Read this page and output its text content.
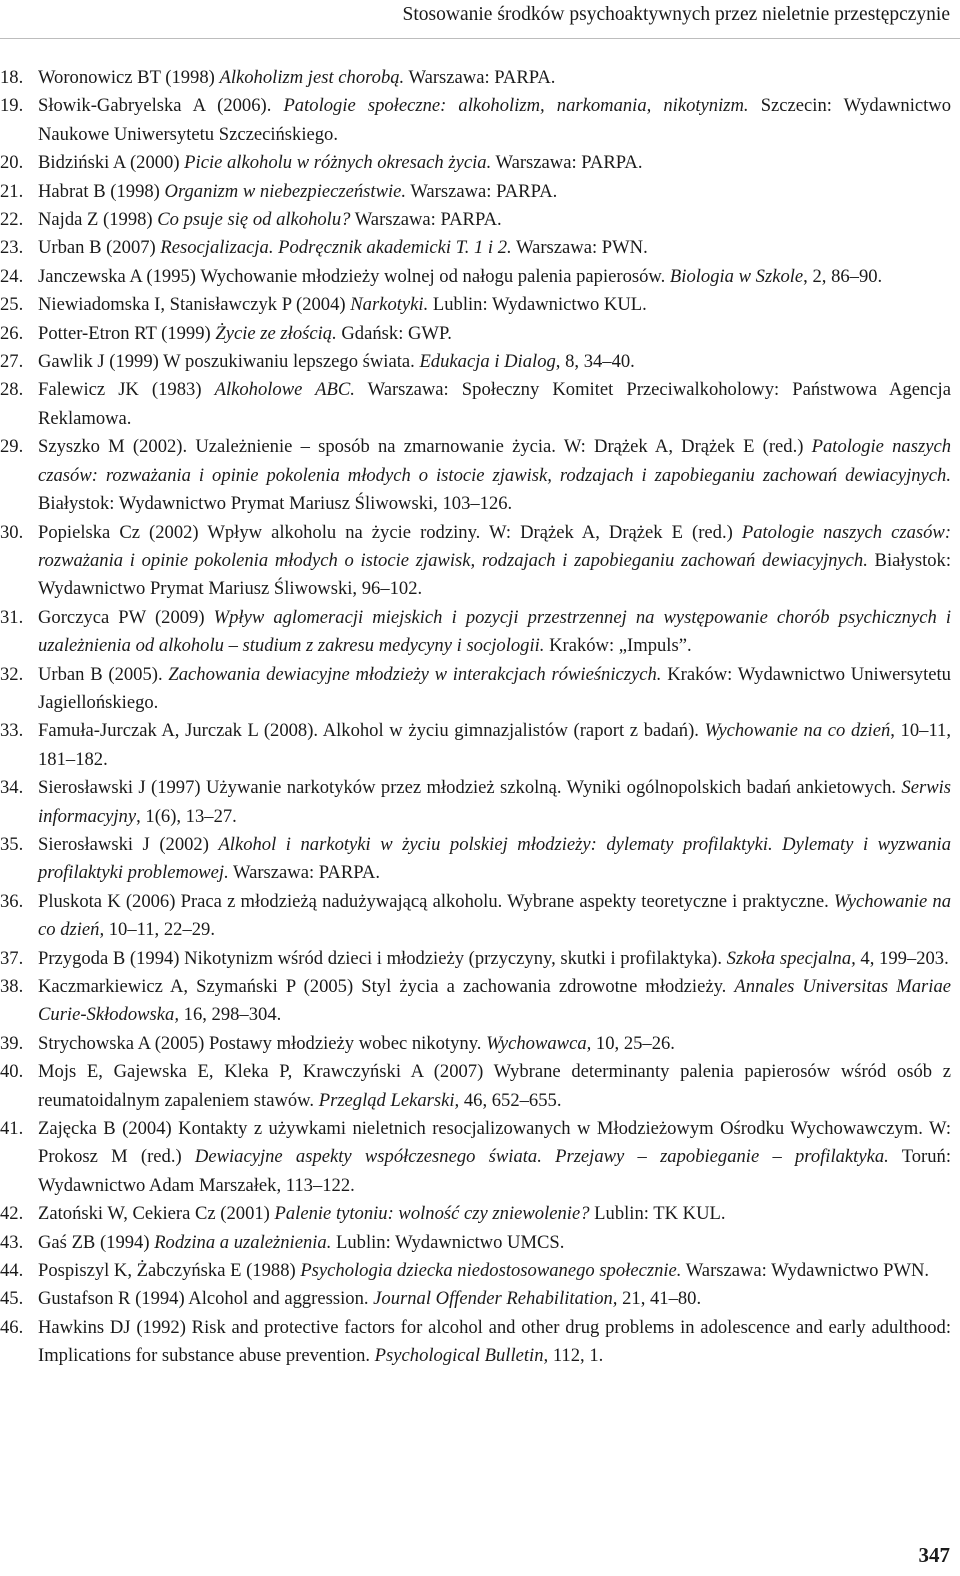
Stosowanie środków psychoaktywnych przez nieletnie przestępczynie
18. Woronowicz BT (1998) Alkoholizm jest chorobą. Warszawa: PARPA.
19. Słowik-Gabryelska A (2006). Patologie społeczne: alkoholizm, narkomania, nikotynizm. Szczecin: Wydawnictwo Naukowe Uniwersytetu Szczecińskiego.
20. Bidziński A (2000) Picie alkoholu w różnych okresach życia. Warszawa: PARPA.
21. Habrat B (1998) Organizm w niebezpieczeństwie. Warszawa: PARPA.
22. Najda Z (1998) Co psuje się od alkoholu? Warszawa: PARPA.
23. Urban B (2007) Resocjalizacja. Podręcznik akademicki T. 1 i 2. Warszawa: PWN.
24. Janczewska A (1995) Wychowanie młodzieży wolnej od nałogu palenia papierosów. Biologia w Szkole, 2, 86–90.
25. Niewiadomska I, Stanisławczyk P (2004) Narkotyki. Lublin: Wydawnictwo KUL.
26. Potter-Etron RT (1999) Życie ze złością. Gdańsk: GWP.
27. Gawlik J (1999) W poszukiwaniu lepszego świata. Edukacja i Dialog, 8, 34–40.
28. Falewicz JK (1983) Alkoholowe ABC. Warszawa: Społeczny Komitet Przeciwalkoholowy: Państwowa Agencja Reklamowa.
29. Szyszko M (2002). Uzależnienie – sposób na zmarnowanie życia. W: Drążek A, Drążek E (red.) Patologie naszych czasów: rozważania i opinie pokolenia młodych o istocie zjawisk, rodzajach i zapobieganiu zachowań dewiacyjnych. Białystok: Wydawnictwo Prymat Mariusz Śliwowski, 103–126.
30. Popielska Cz (2002) Wpływ alkoholu na życie rodziny. W: Drążek A, Drążek E (red.) Patologie naszych czasów: rozważania i opinie pokolenia młodych o istocie zjawisk, rodzajach i zapobieganiu zachowań dewiacyjnych. Białystok: Wydawnictwo Prymat Mariusz Śliwowski, 96–102.
31. Gorczyca PW (2009) Wpływ aglomeracji miejskich i pozycji przestrzennej na występowanie chorób psychicznych i uzależnienia od alkoholu – studium z zakresu medycyny i socjologii. Kraków: „Impuls”.
32. Urban B (2005). Zachowania dewiacyjne młodzieży w interakcjach rówieśniczych. Kraków: Wydawnictwo Uniwersytetu Jagiellońskiego.
33. Famuła-Jurczak A, Jurczak L (2008). Alkohol w życiu gimnazjalistów (raport z badań). Wychowanie na co dzień, 10–11, 181–182.
34. Sierosławski J (1997) Używanie narkotyków przez młodzież szkolną. Wyniki ogólnopolskich badań ankietowych. Serwis informacyjny, 1(6), 13–27.
35. Sierosławski J (2002) Alkohol i narkotyki w życiu polskiej młodzieży: dylematy profilaktyki. Dylematy i wyzwania profilaktyki problemowej. Warszawa: PARPA.
36. Pluskota K (2006) Praca z młodzieżą nadużywającą alkoholu. Wybrane aspekty teoretyczne i praktyczne. Wychowanie na co dzień, 10–11, 22–29.
37. Przygoda B (1994) Nikotynizm wśród dzieci i młodzieży (przyczyny, skutki i profilaktyka). Szkoła specjalna, 4, 199–203.
38. Kaczmarkiewicz A, Szymański P (2005) Styl życia a zachowania zdrowotne młodzieży. Annales Universitas Mariae Curie-Skłodowska, 16, 298–304.
39. Strychowska A (2005) Postawy młodzieży wobec nikotyny. Wychowawca, 10, 25–26.
40. Mojs E, Gajewska E, Kleka P, Krawczyński A (2007) Wybrane determinanty palenia papierosów wśród osób z reumatoidalnym zapaleniem stawów. Przegląd Lekarski, 46, 652–655.
41. Zajęcka B (2004) Kontakty z używkami nieletnich resocjalizowanych w Młodzieżowym Ośrodku Wychowawczym. W: Prokosz M (red.) Dewiacyjne aspekty współczesnego świata. Przejawy – zapobieganie – profilaktyka. Toruń: Wydawnictwo Adam Marszałek, 113–122.
42. Zatoński W, Cekiera Cz (2001) Palenie tytoniu: wolność czy zniewolenie? Lublin: TK KUL.
43. Gaś ZB (1994) Rodzina a uzależnienia. Lublin: Wydawnictwo UMCS.
44. Pospiszyl K, Żabczyńska E (1988) Psychologia dziecka niedostosowanego społecznie. Warszawa: Wydawnictwo PWN.
45. Gustafson R (1994) Alcohol and aggression. Journal Offender Rehabilitation, 21, 41–80.
46. Hawkins DJ (1992) Risk and protective factors for alcohol and other drug problems in adolescence and early adulthood: Implications for substance abuse prevention. Psychological Bulletin, 112, 1.
347
